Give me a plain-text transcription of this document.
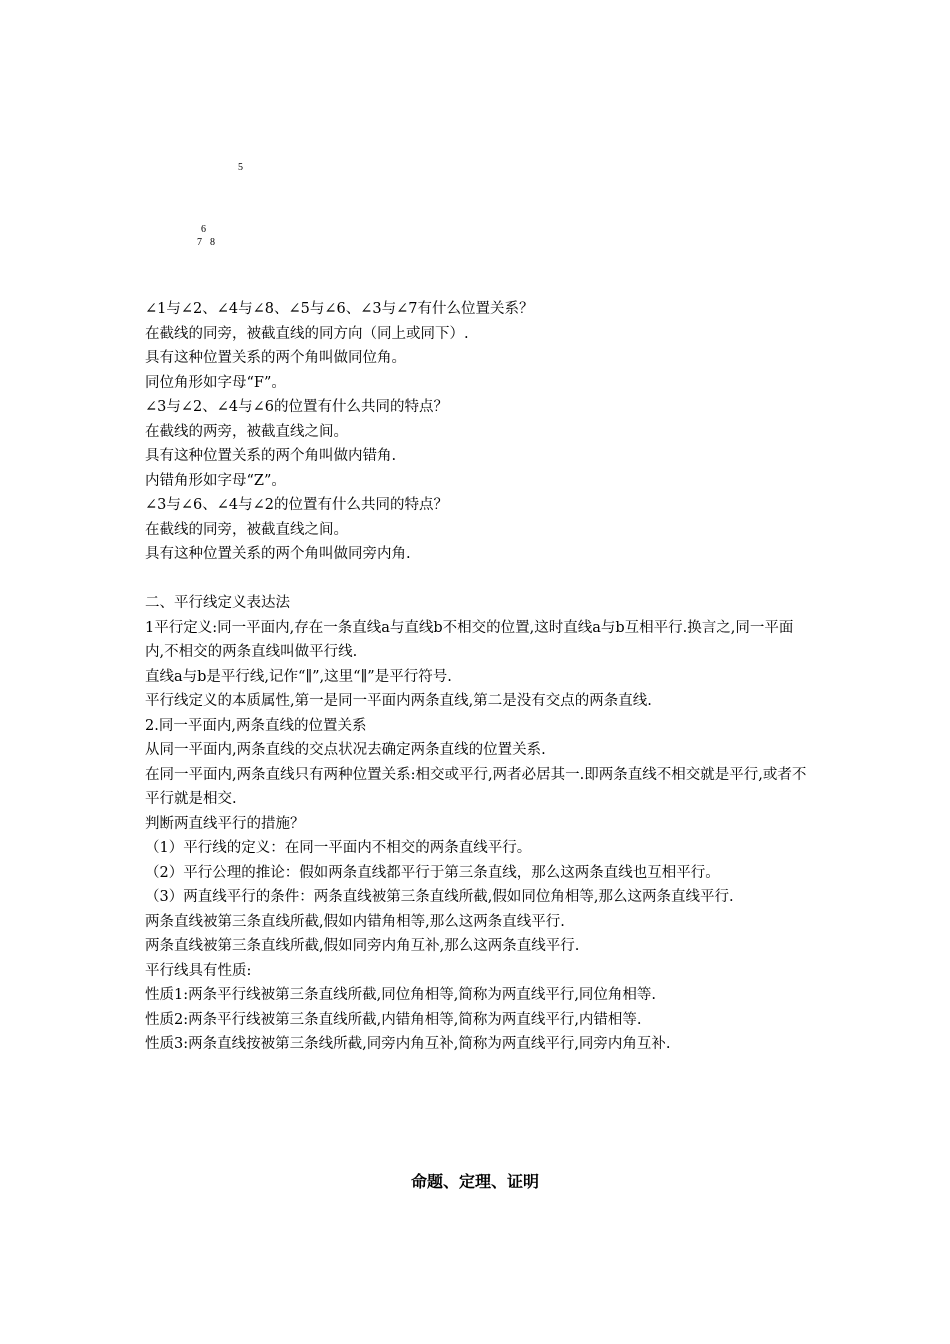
5
6
7 8

∠1与∠2、∠4与∠8、∠5与∠6、∠3与∠7有什么位置关系？

在截线的同旁，被截直线的同方向（同上或同下）.

具有这种位置关系的两个角叫做同位角。

同位角形如字母“F”。

∠3与∠2、∠4与∠6的位置有什么共同的特点？

在截线的两旁，被截直线之间。

具有这种位置关系的两个角叫做内错角.

内错角形如字母“Z”。

∠3与∠6、∠4与∠2的位置有什么共同的特点？

在截线的同旁，被截直线之间。

具有这种位置关系的两个角叫做同旁内角.

二、平行线定义表达法

1平行定义:同一平面内,存在一条直线a与直线b不相交的位置,这时直线a与b互相平行.换言之,同一平面内,不相交的两条直线叫做平行线.

直线a与b是平行线,记作“∥”,这里“∥”是平行符号.

平行线定义的本质属性,第一是同一平面内两条直线,第二是没有交点的两条直线.

2.同一平面内,两条直线的位置关系

从同一平面内,两条直线的交点状况去确定两条直线的位置关系.

在同一平面内,两条直线只有两种位置关系:相交或平行,两者必居其一.即两条直线不相交就是平行,或者不平行就是相交.

判断两直线平行的措施？

（1）平行线的定义：在同一平面内不相交的两条直线平行。

（2）平行公理的推论：假如两条直线都平行于第三条直线，那么这两条直线也互相平行。

（3）两直线平行的条件：两条直线被第三条直线所截,假如同位角相等,那么这两条直线平行.

两条直线被第三条直线所截,假如内错角相等,那么这两条直线平行.

两条直线被第三条直线所截,假如同旁内角互补,那么这两条直线平行.

平行线具有性质:

性质1:两条平行线被第三条直线所截,同位角相等,简称为两直线平行,同位角相等.

性质2:两条平行线被第三条直线所截,内错角相等,简称为两直线平行,内错相等.

性质3:两条直线按被第三条线所截,同旁内角互补,简称为两直线平行,同旁内角互补.

命题、定理、证明
